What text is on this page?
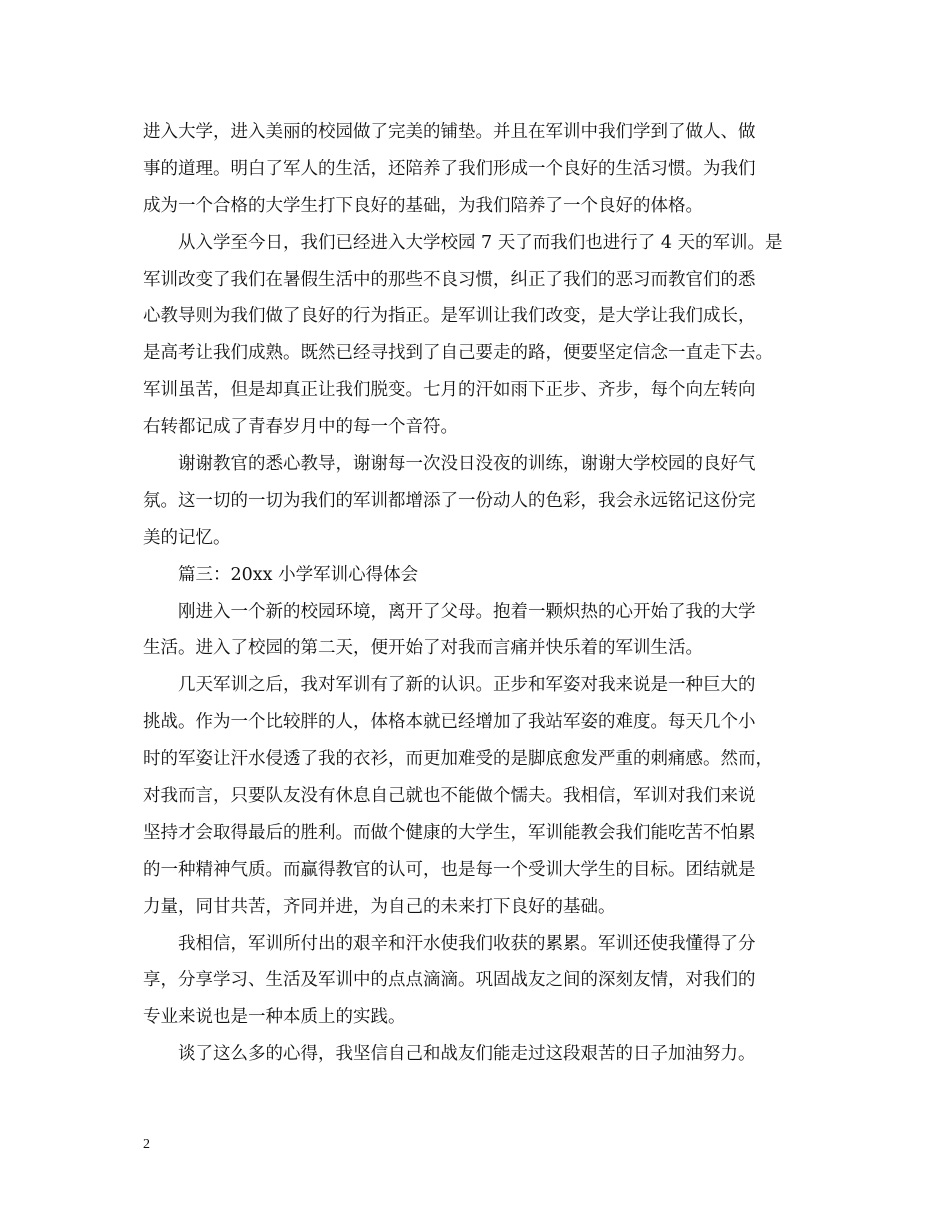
进入大学，进入美丽的校园做了完美的铺垫。并且在军训中我们学到了做人、做
事的道理。明白了军人的生活，还陪养了我们形成一个良好的生活习惯。为我们
成为一个合格的大学生打下良好的基础，为我们陪养了一个良好的体格。
从入学至今日，我们已经进入大学校园 7 天了而我们也进行了 4 天的军训。是
军训改变了我们在暑假生活中的那些不良习惯，纠正了我们的恶习而教官们的悉
心教导则为我们做了良好的行为指正。是军训让我们改变，是大学让我们成长，
是高考让我们成熟。既然已经寻找到了自己要走的路，便要坚定信念一直走下去。
军训虽苦，但是却真正让我们脱变。七月的汗如雨下正步、齐步，每个向左转向
右转都记成了青春岁月中的每一个音符。
谢谢教官的悉心教导，谢谢每一次没日没夜的训练，谢谢大学校园的良好气
氛。这一切的一切为我们的军训都增添了一份动人的色彩，我会永远铭记这份完
美的记忆。
篇三：20xx 小学军训心得体会
刚进入一个新的校园环境，离开了父母。抱着一颗炽热的心开始了我的大学
生活。进入了校园的第二天，便开始了对我而言痛并快乐着的军训生活。
几天军训之后，我对军训有了新的认识。正步和军姿对我来说是一种巨大的
挑战。作为一个比较胖的人，体格本就已经增加了我站军姿的难度。每天几个小
时的军姿让汗水侵透了我的衣衫，而更加难受的是脚底愈发严重的刺痛感。然而，
对我而言，只要队友没有休息自己就也不能做个懦夫。我相信，军训对我们来说
坚持才会取得最后的胜利。而做个健康的大学生，军训能教会我们能吃苦不怕累
的一种精神气质。而赢得教官的认可，也是每一个受训大学生的目标。团结就是
力量，同甘共苦，齐同并进，为自己的未来打下良好的基础。
我相信，军训所付出的艰辛和汗水使我们收获的累累。军训还使我懂得了分
享，分享学习、生活及军训中的点点滴滴。巩固战友之间的深刻友情，对我们的
专业来说也是一种本质上的实践。
谈了这么多的心得，我坚信自己和战友们能走过这段艰苦的日子加油努力。
2
